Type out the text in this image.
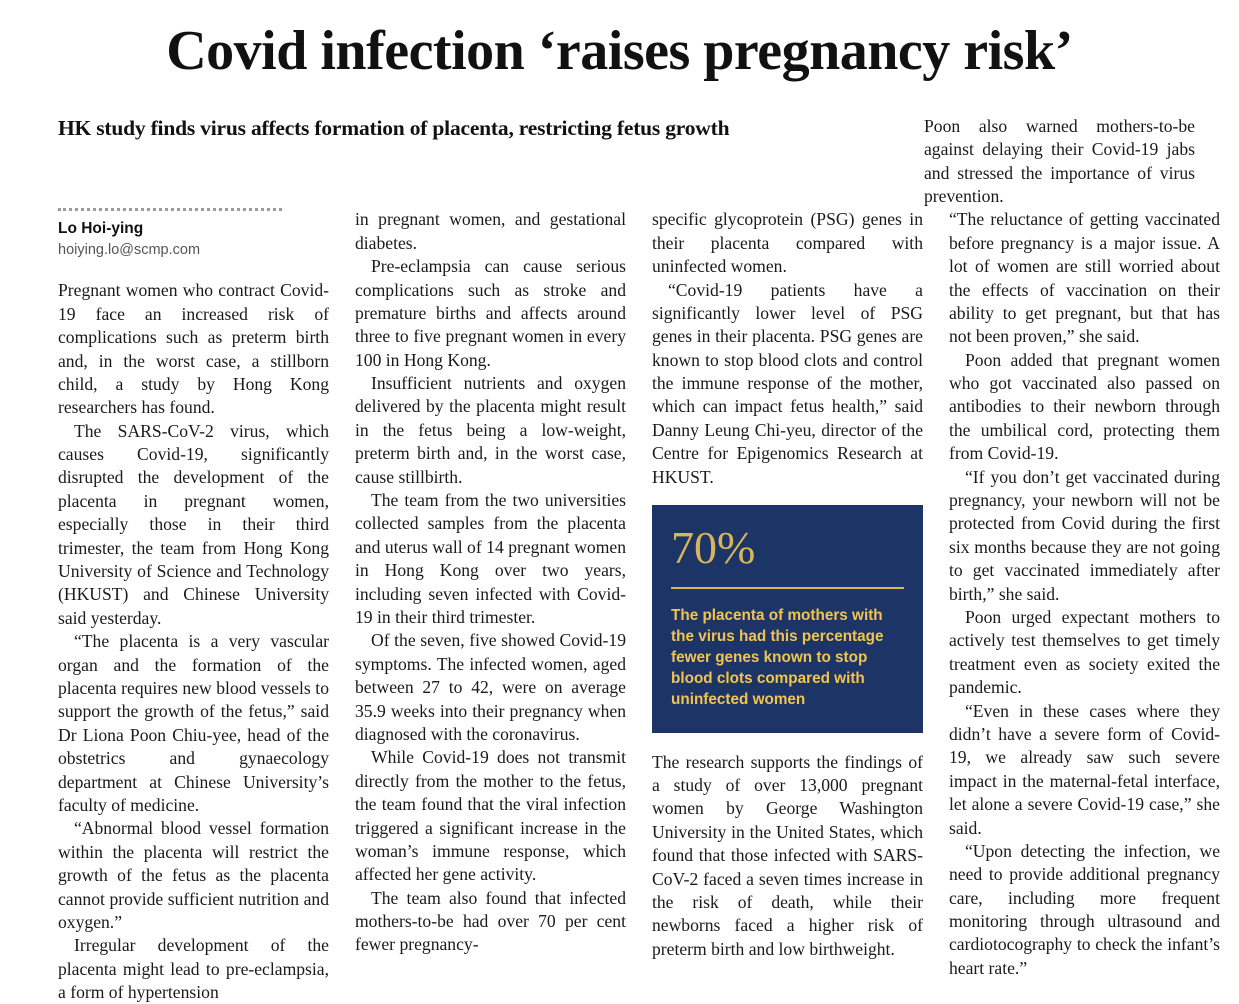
Covid infection ‘raises pregnancy risk’
HK study finds virus affects formation of placenta, restricting fetus growth	Poon also warned mothers-to-be against delaying their Covid-19 jabs and stressed the importance of virus prevention.

Lo Hoi-ying
hoiying.lo@scmp.com

Pregnant women who contract Covid-19 face an increased risk of complications such as preterm birth and, in the worst case, a stillborn child, a study by Hong Kong researchers has found.

The SARS-CoV-2 virus, which causes Covid-19, significantly disrupted the development of the placenta in pregnant women, especially those in their third trimester, the team from Hong Kong University of Science and Technology (HKUST) and Chinese University said yesterday.

“The placenta is a very vascular organ and the formation of the placenta requires new blood vessels to support the growth of the fetus,” said Dr Liona Poon Chiu-yee, head of the obstetrics and gynaecology department at Chinese University’s faculty of medicine.

“Abnormal blood vessel formation within the placenta will restrict the growth of the fetus as the placenta cannot provide sufficient nutrition and oxygen.”

Irregular development of the placenta might lead to pre-eclampsia, a form of hypertension

in pregnant women, and gestational diabetes.

Pre-eclampsia can cause serious complications such as stroke and premature births and affects around three to five pregnant women in every 100 in Hong Kong.

Insufficient nutrients and oxygen delivered by the placenta might result in the fetus being a low-weight, preterm birth and, in the worst case, cause stillbirth.

The team from the two universities collected samples from the placenta and uterus wall of 14 pregnant women in Hong Kong over two years, including seven infected with Covid-19 in their third trimester.

Of the seven, five showed Covid-19 symptoms. The infected women, aged between 27 to 42, were on average 35.9 weeks into their pregnancy when diagnosed with the coronavirus.

While Covid-19 does not transmit directly from the mother to the fetus, the team found that the viral infection triggered a significant increase in the woman’s immune response, which affected her gene activity.

The team also found that infected mothers-to-be had over 70 per cent fewer pregnancy-

specific glycoprotein (PSG) genes in their placenta compared with uninfected women.

“Covid-19 patients have a significantly lower level of PSG genes in their placenta. PSG genes are known to stop blood clots and control the immune response of the mother, which can impact fetus health,” said Danny Leung Chi-yeu, director of the Centre for Epigenomics Research at HKUST.

70%
The placenta of mothers with the virus had this percentage fewer genes known to stop blood clots compared with uninfected women

The research supports the findings of a study of over 13,000 pregnant women by George Washington University in the United States, which found that those infected with SARS-CoV-2 faced a seven times increase in the risk of death, while their newborns faced a higher risk of preterm birth and low birthweight.

“The reluctance of getting vaccinated before pregnancy is a major issue. A lot of women are still worried about the effects of vaccination on their ability to get pregnant, but that has not been proven,” she said.

Poon added that pregnant women who got vaccinated also passed on antibodies to their newborn through the umbilical cord, protecting them from Covid-19.

“If you don’t get vaccinated during pregnancy, your newborn will not be protected from Covid during the first six months because they are not going to get vaccinated immediately after birth,” she said.

Poon urged expectant mothers to actively test themselves to get timely treatment even as society exited the pandemic.

“Even in these cases where they didn’t have a severe form of Covid-19, we already saw such severe impact in the maternal-fetal interface, let alone a severe Covid-19 case,” she said.

“Upon detecting the infection, we need to provide additional pregnancy care, including more frequent monitoring through ultrasound and cardiotocography to check the infant’s heart rate.”
